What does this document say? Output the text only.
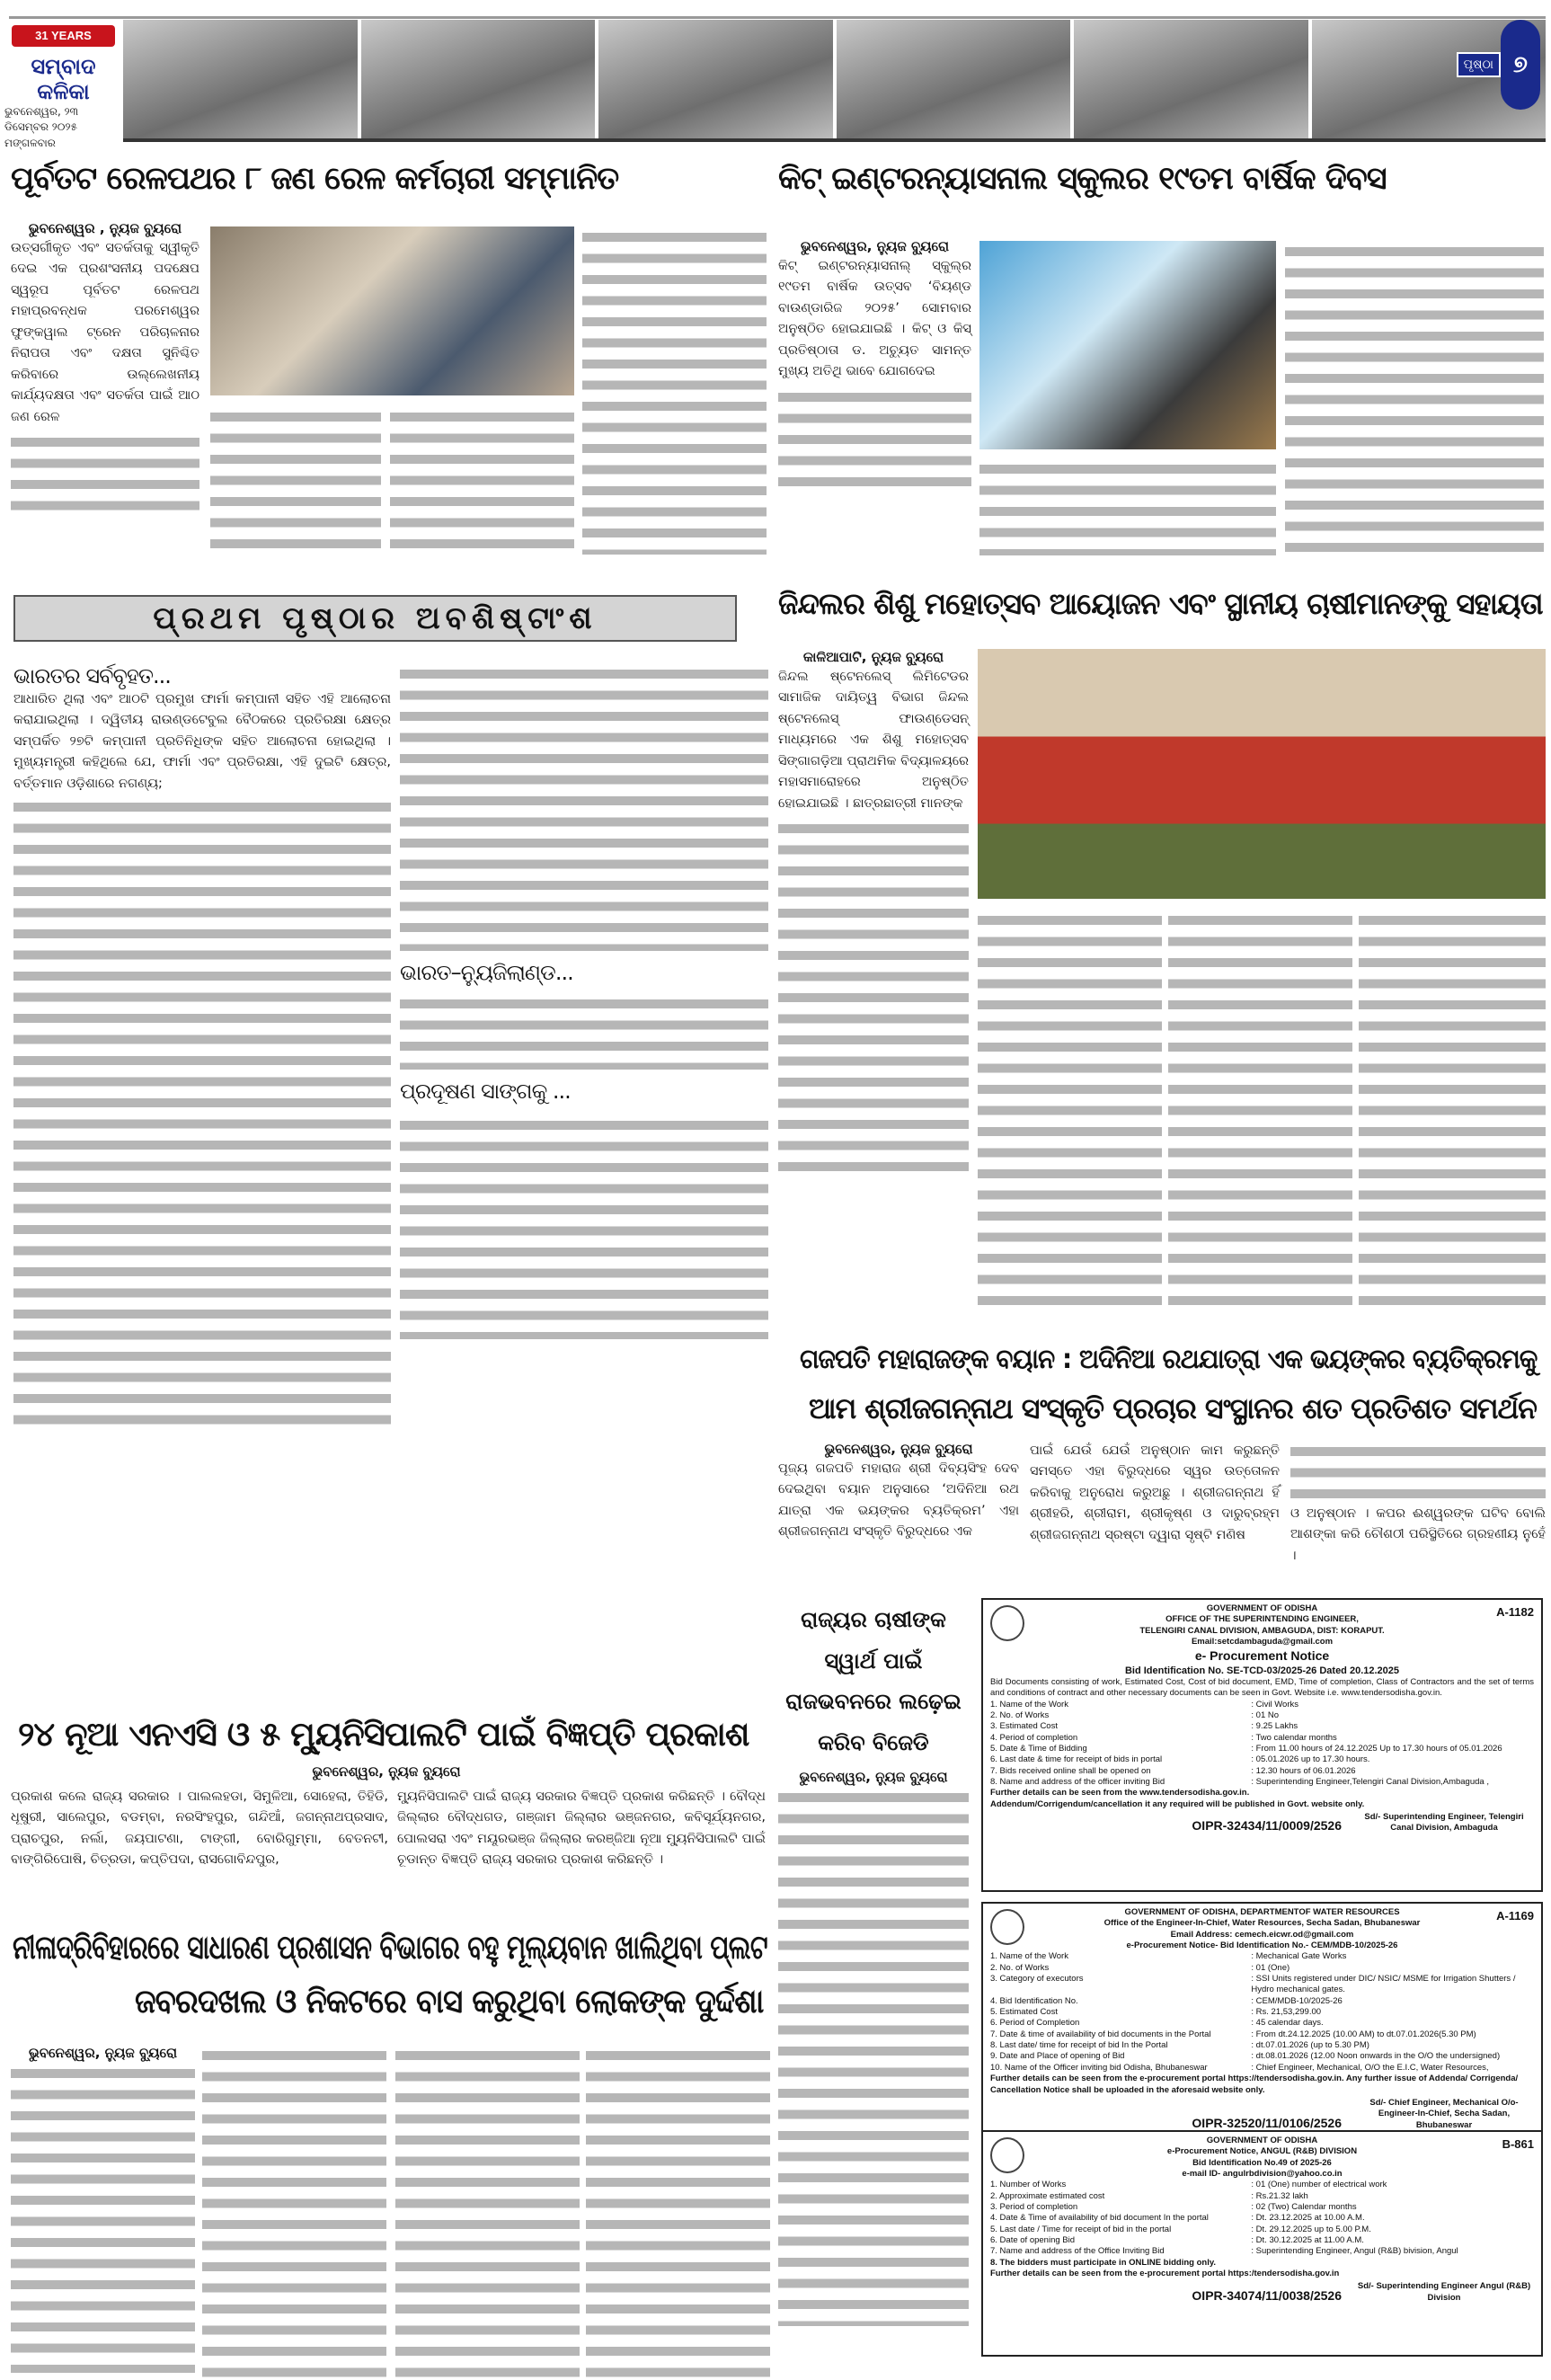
31 YEARS
ସମ୍ବାଦ କଳିକା
ଭୁବନେଶ୍ୱର, ୨୩ ଡିସେମ୍ବର ୨୦୨୫ ମଙ୍ଗଳବାର
ପୃଷ୍ଠା ୭
ପୂର୍ବତଟ ରେଳପଥର ୮ ଜଣ ରେଳ କର୍ମଚାରୀ ସମ୍ମାନିତ
ଭୁବନେଶ୍ୱର , ନ୍ୟୁଜ ବ୍ୟୁରୋ
ଉତ୍ସର୍ଗୀକୃତ ଏବଂ ସତର୍କତାକୁ ସ୍ୱୀକୃତି ଦେଇ ଏକ ପ୍ରଶଂସନୀୟ ପଦକ୍ଷେପ ସ୍ୱରୂପ ପୂର୍ବତଟ ରେଳପଥ ମହାପ୍ରବନ୍ଧକ ପରମେଶ୍ୱର ଫୁଙ୍କୱାଲ ଟ୍ରେନ ପରିଚାଳନାର ନିରାପତା ଏବଂ ଦକ୍ଷତା ସୁନିଶ୍ଚିତ କରିବାରେ ଉଲ୍ଲେଖନୀୟ କାର୍ଯ୍ୟଦକ୍ଷତା ଏବଂ ସତର୍କତା ପାଇଁ ଆଠ ଜଣ ରେଳ
କିଟ୍ ଇଣ୍ଟରନ୍ୟାସନାଲ ସ୍କୁଲର ୧୯ତମ ବାର୍ଷିକ ଦିବସ
ଭୁବନେଶ୍ୱର, ନ୍ୟୁଜ ବ୍ୟୁରୋ
କିଟ୍ ଇଣ୍ଟରନ୍ୟାସନାଲ୍ ସ୍କୁଲ୍ର ୧୯ତମ ବାର୍ଷିକ ଉତ୍ସବ ‘ବିୟଣ୍ଡ ବାଉଣ୍ଡାରିଜ ୨୦୨୫’ ସୋମବାର ଅନୁଷ୍ଠିତ ହୋଇଯାଇଛି । କିଟ୍ ଓ କିସ୍ ପ୍ରତିଷ୍ଠାତା ଡ. ଅଚ୍ୟୁତ ସାମନ୍ତ ମୁଖ୍ୟ ଅତିଥି ଭାବେ ଯୋଗଦେଇ
ପ୍ରଥମ ପୃଷ୍ଠାର ଅବଶିଷ୍ଟାଂଶ
ଭାରତର ସର୍ବବୃହତ...
ଆଧାରିତ ଥିଲା ଏବଂ ଆଠଟି ପ୍ରମୁଖ ଫାର୍ମା କମ୍ପାନୀ ସହିତ ଏହି ଆଲୋଚନା କରାଯାଇଥିଲା । ଦ୍ୱିତୀୟ ରାଉଣ୍ଡଟେବୁଲ ବୈଠକରେ ପ୍ରତିରକ୍ଷା କ୍ଷେତ୍ର ସମ୍ପର୍କିତ ୨୭ଟି କମ୍ପାନୀ ପ୍ରତିନିଧିଙ୍କ ସହିତ ଆଲୋଚନା ହୋଇଥିଲା । ମୁଖ୍ୟମନ୍ତ୍ରୀ କହିଥିଲେ ଯେ, ଫାର୍ମା ଏବଂ ପ୍ରତିରକ୍ଷା, ଏହି ଦୁଇଟି କ୍ଷେତ୍ର, ବର୍ତ୍ତମାନ ଓଡ଼ିଶାରେ ନଗଣ୍ୟ;
ଭାରତ–ନ୍ୟୁଜିଲାଣ୍ଡ...
ପ୍ରଦୂଷଣ ସାଙ୍ଗକୁ ...
ଜିନ୍ଦଲର ଶିଶୁ ମହୋତ୍ସବ ଆୟୋଜନ ଏବଂ ସ୍ଥାନୀୟ ଚାଷୀମାନଙ୍କୁ ସହାୟତା
କାଳିଆପାଟି, ନ୍ୟୁଜ ବ୍ୟୁରୋ
ଜିନ୍ଦଲ ଷ୍ଟେନଲେସ୍ ଲିମିଟେଡର ସାମାଜିକ ଦାୟିତ୍ୱ ବିଭାଗ ଜିନ୍ଦଲ ଷ୍ଟେନଲେସ୍ ଫାଉଣ୍ଡେସନ୍ ମାଧ୍ୟମରେ ଏକ ଶିଶୁ ମହୋତ୍ସବ ସିଙ୍ଗାଗଡ଼ିଆ ପ୍ରାଥମିକ ବିଦ୍ୟାଳୟରେ ମହାସମାରୋହରେ ଅନୁଷ୍ଠିତ ହୋଇଯାଇଛି । ଛାତ୍ରଛାତ୍ରୀ ମାନଙ୍କ
ଗଜପତି ମହାରାଜଙ୍କ ବୟାନ : ଅଦିନିଆ ରଥଯାତ୍ରା ଏକ ଭୟଙ୍କର ବ୍ୟତିକ୍ରମକୁ
ଆମ ଶ୍ରୀଜଗନ୍ନାଥ ସଂସ୍କୃତି ପ୍ରଚାର ସଂସ୍ଥାନର ଶତ ପ୍ରତିଶତ ସମର୍ଥନ
ଭୁବନେଶ୍ୱର, ନ୍ୟୁଜ ବ୍ୟୁରୋ
ପୂଜ୍ୟ ଗଜପତି ମହାରାଜ ଶ୍ରୀ ଦିବ୍ୟସିଂହ ଦେବ ଦେଇଥିବା ବୟାନ ଅନୁସାରେ ‘ଅଦିନିଆ ରଥ ଯାତ୍ରା ଏକ ଭୟଙ୍କର ବ୍ୟତିକ୍ରମ’ ଏହା ଶ୍ରୀଜଗନ୍ନାଥ ସଂସ୍କୃତି ବିରୁଦ୍ଧରେ ଏକ
ପାଇଁ ଯେଉଁ ଯେଉଁ ଅନୁଷ୍ଠାନ କାମ କରୁଛନ୍ତି ସମସ୍ତେ ଏହା ବିରୁଦ୍ଧରେ ସ୍ୱର ଉତ୍ତୋଳନ କରିବାକୁ ଅନୁରୋଧ କରୁଅଛୁ । ଶ୍ରୀଜଗନ୍ନାଥ ହିଁ ଶ୍ରୀହରି, ଶ୍ରୀରାମ, ଶ୍ରୀକୃଷ୍ଣ ଓ ଦାରୁବ୍ରହ୍ମ ଶ୍ରୀଜଗନ୍ନାଥ ସ୍ରଷ୍ଟା ଦ୍ୱାରା ସୃଷ୍ଟି ମଣିଷ
ଓ ଅନୁଷ୍ଠାନ । କପର ଈଶ୍ୱରଙ୍କ ଘଟିବ ବୋଲି ଆଶଙ୍କା କରି ଚୌଶଠୀ ପରିସ୍ଥିତିରେ ଗ୍ରହଣୀୟ ନୁହେଁ ।
ରାଜ୍ୟର ଚାଷୀଙ୍କ ସ୍ୱାର୍ଥ ପାଇଁ ରାଜଭବନରେ ଲଢ଼େଇ କରିବ ବିଜେଡି
ଭୁବନେଶ୍ୱର, ନ୍ୟୁଜ ବ୍ୟୁରୋ
୨୪ ନୂଆ ଏନଏସି ଓ ୫ ମ୍ୟୁନିସିପାଲଟି ପାଇଁ ବିଜ୍ଞପ୍ତି ପ୍ରକାଶ
ଭୁବନେଶ୍ୱର, ନ୍ୟୁଜ ବ୍ୟୁରୋ
ପ୍ରକାଶ କଲେ ରାଜ୍ୟ ସରକାର । ପାଲଲହଡା, ସିମୁଳିଆ, ସୋହେଲା, ତିହିଡି, ଧୂଷୁରୀ, ସାଲେପୁର, ବଡମ୍ବା, ନରସିଂହପୁର, ଗନ୍ଦିଆଁ, ଜଗନ୍ନାଥପ୍ରସାଦ, ପ୍ରାଚପୁର, ନର୍ଲା, ଜୟପାଟଣା, ଟାଙ୍ଗୀ, ବୋରିଗୁମ୍ମା, ବେତନଟୀ, ବାଙ୍ଗିରିପୋଷି, ଚିତ୍ରଡା, କପ୍ତିପଦା, ରାସଗୋବିନ୍ଦପୁର,
ମ୍ୟୁନିସିପାଲଟି ପାଇଁ ରାଜ୍ୟ ସରକାର ବିଜ୍ଞପ୍ତି ପ୍ରକାଶ କରିଛନ୍ତି । ବୌଦ୍ଧ ଜିଲ୍ଲାର ବୌଦ୍ଧଗଡ, ଗଞ୍ଜାମ ଜିଲ୍ଲାର ଭଞ୍ଜନଗର, କବିସୂର୍ଯ୍ୟନଗର, ପୋଲସରା ଏବଂ ମୟୂରଭଞ୍ଜ ଜିଲ୍ଲାର କରଞ୍ଜିଆ ନୂଆ ମ୍ୟୁନିସିପାଲଟି ପାଇଁ ଚୂଡାନ୍ତ ବିଜ୍ଞପ୍ତି ରାଜ୍ୟ ସରକାର ପ୍ରକାଶ କରିଛନ୍ତି ।
ନୀଳାଦ୍ରିବିହାରରେ ସାଧାରଣ ପ୍ରଶାସନ ବିଭାଗର ବହୁ ମୂଲ୍ୟବାନ ଖାଲିଥିବା ପ୍ଲଟ
ଜବରଦଖଲ ଓ ନିକଟରେ ବାସ କରୁଥିବା ଲୋକଙ୍କ ଦୁର୍ଦ୍ଦଶା
ଭୁବନେଶ୍ୱର, ନ୍ୟୁଜ ବ୍ୟୁରୋ
A-1182
GOVERNMENT OF ODISHA
OFFICE OF THE SUPERINTENDING ENGINEER,
TELENGIRI CANAL DIVISION, AMBAGUDA, DIST: KORAPUT.
Email:setcdambaguda@gmail.com
e- Procurement Notice
Bid Identification No. SE-TCD-03/2025-26 Dated 20.12.2025
Bid Documents consisting of work, Estimated Cost, Cost of bid document, EMD, Time of completion, Class of Contractors and the set of terms and conditions of contract and other necessary documents can be seen in Govt. Website i.e. www.tendersodisha.gov.in.
1. Name of the Work	: Civil Works
2. No. of Works	: 01 No
3. Estimated Cost	: 9.25 Lakhs
4. Period of completion	: Two calendar months
5. Date & Time of Bidding	: From 11.00 hours of 24.12.2025 Up to 17.30 hours of 05.01.2026
6. Last date & time for receipt of bids in portal	: 05.01.2026 up to 17.30 hours.
7. Bids received online shall be opened on	: 12.30 hours of 06.01.2026
8. Name and address of the officer inviting Bid	: Superintending Engineer,Telengiri Canal Division,Ambaguda ,
Further details can be seen from the www.tendersodisha.gov.in.
Addendum/Corrigendum/cancellation it any required will be published in Govt. website only.
OIPR-32434/11/0009/2526
Sd/- Superintending Engineer, Telengiri Canal Division, Ambaguda
A-1169
GOVERNMENT OF ODISHA, DEPARTMENTOF WATER RESOURCES
Office of the Engineer-In-Chief, Water Resources, Secha Sadan, Bhubaneswar
Email Address: cemech.eicwr.od@gmail.com
e-Procurement Notice- Bid Identification No.- CEM/MDB-10/2025-26
1. Name of the Work	: Mechanical Gate Works
2. No. of Works	: 01 (One)
3. Category of executors	: SSI Units registered under DIC/ NSIC/ MSME for Irrigation Shutters / Hydro mechanical gates.
4. Bid Identification No.	: CEM/MDB-10/2025-26
5. Estimated Cost	: Rs. 21,53,299.00
6. Period of Completion	: 45 calendar days.
7. Date & time of availability of bid documents in the Portal	: From dt.24.12.2025 (10.00 AM) to dt.07.01.2026(5.30 PM)
8. Last date/ time for receipt of bid In the Portal	: dt.07.01.2026 (up to 5.30 PM)
9. Date and Place of opening of Bid	: dt.08.01.2026 (12.00 Noon onwards in the O/O the undersigned)
10. Name of the Officer inviting bid Odisha, Bhubaneswar	: Chief Engineer, Mechanical, O/O the E.I.C, Water Resources,
Further details can be seen from the e-procurement portal https://tendersodisha.gov.in. Any further issue of Addenda/ Corrigenda/ Cancellation Notice shall be uploaded in the aforesaid website only.
OIPR-32520/11/0106/2526
Sd/- Chief Engineer, Mechanical O/o- Engineer-In-Chief, Secha Sadan, Bhubaneswar
B-861
GOVERNMENT OF ODISHA
e-Procurement Notice, ANGUL (R&B) DIVISION
Bid Identification No.49 of 2025-26
e-mail ID- angulrbdivision@yahoo.co.in
1. Number of Works	: 01 (One) number of electrical work
2. Approximate estimated cost	: Rs.21.32 lakh
3. Period of completion	: 02 (Two) Calendar months
4. Date & Time of availability of bid document In the portal	: Dt. 23.12.2025 at 10.00 A.M.
5. Last date / Time for receipt of bid in the portal	: Dt. 29.12.2025 up to 5.00 P.M.
6. Date of opening Bid	: Dt. 30.12.2025 at 11.00 A.M.
7. Name and address of the Office Inviting Bid	: Superintending Engineer, Angul (R&B) bivision, Angul
8. The bidders must participate in ONLINE bidding only.
Further details can be seen from the e-procurement portal https:/tendersodisha.gov.in
OIPR-34074/11/0038/2526
Sd/- Superintending Engineer Angul (R&B) Division
